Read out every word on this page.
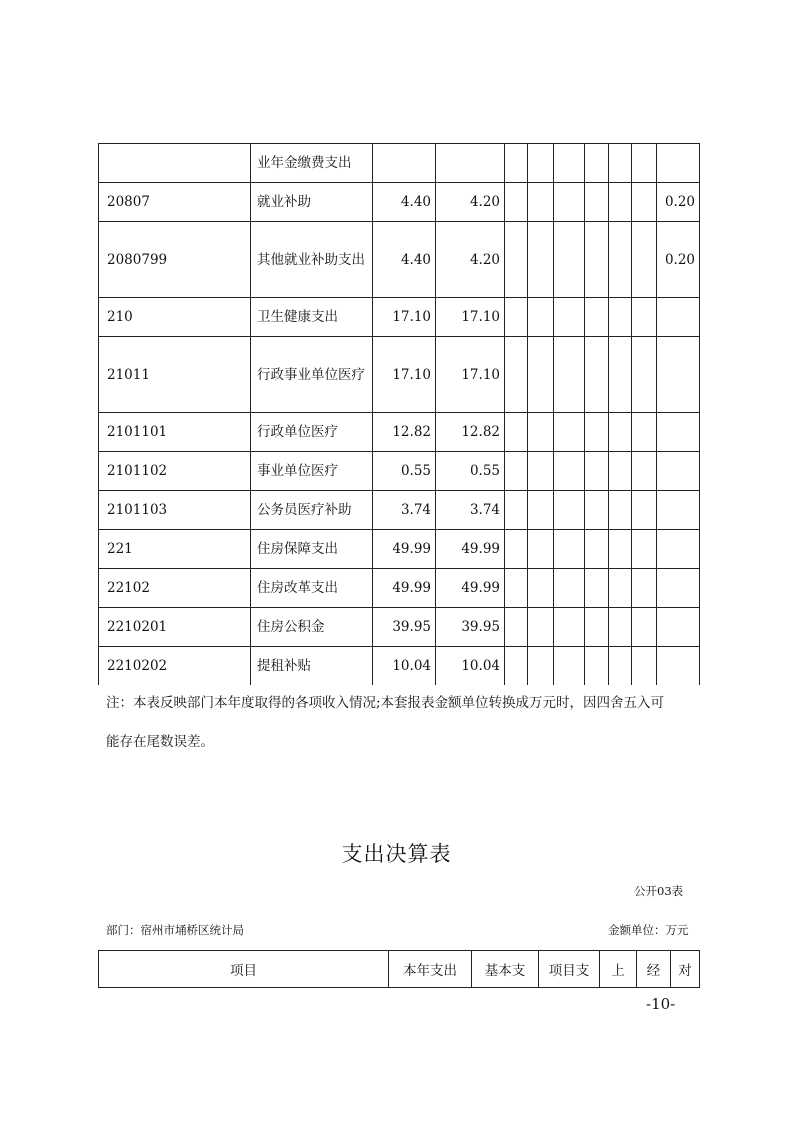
	业年金缴费支出									
20807	就业补助	4.40	4.20							0.20
2080799	其他就业补助支出	4.40	4.20							0.20
210	卫生健康支出	17.10	17.10							
21011	行政事业单位医疗	17.10	17.10							
2101101	行政单位医疗	12.82	12.82							
2101102	事业单位医疗	0.55	0.55							
2101103	公务员医疗补助	3.74	3.74							
221	住房保障支出	49.99	49.99							
22102	住房改革支出	49.99	49.99							
2210201	住房公积金	39.95	39.95							
2210202	提租补贴	10.04	10.04							

注：本表反映部门本年度取得的各项收入情况;本套报表金额单位转换成万元时，因四舍五入可

能存在尾数误差。

支出决算表
公开03表
部门：宿州市埇桥区统计局	金额单位：万元
项目	本年支出	基本支	项目支	上	经	对
-10-
